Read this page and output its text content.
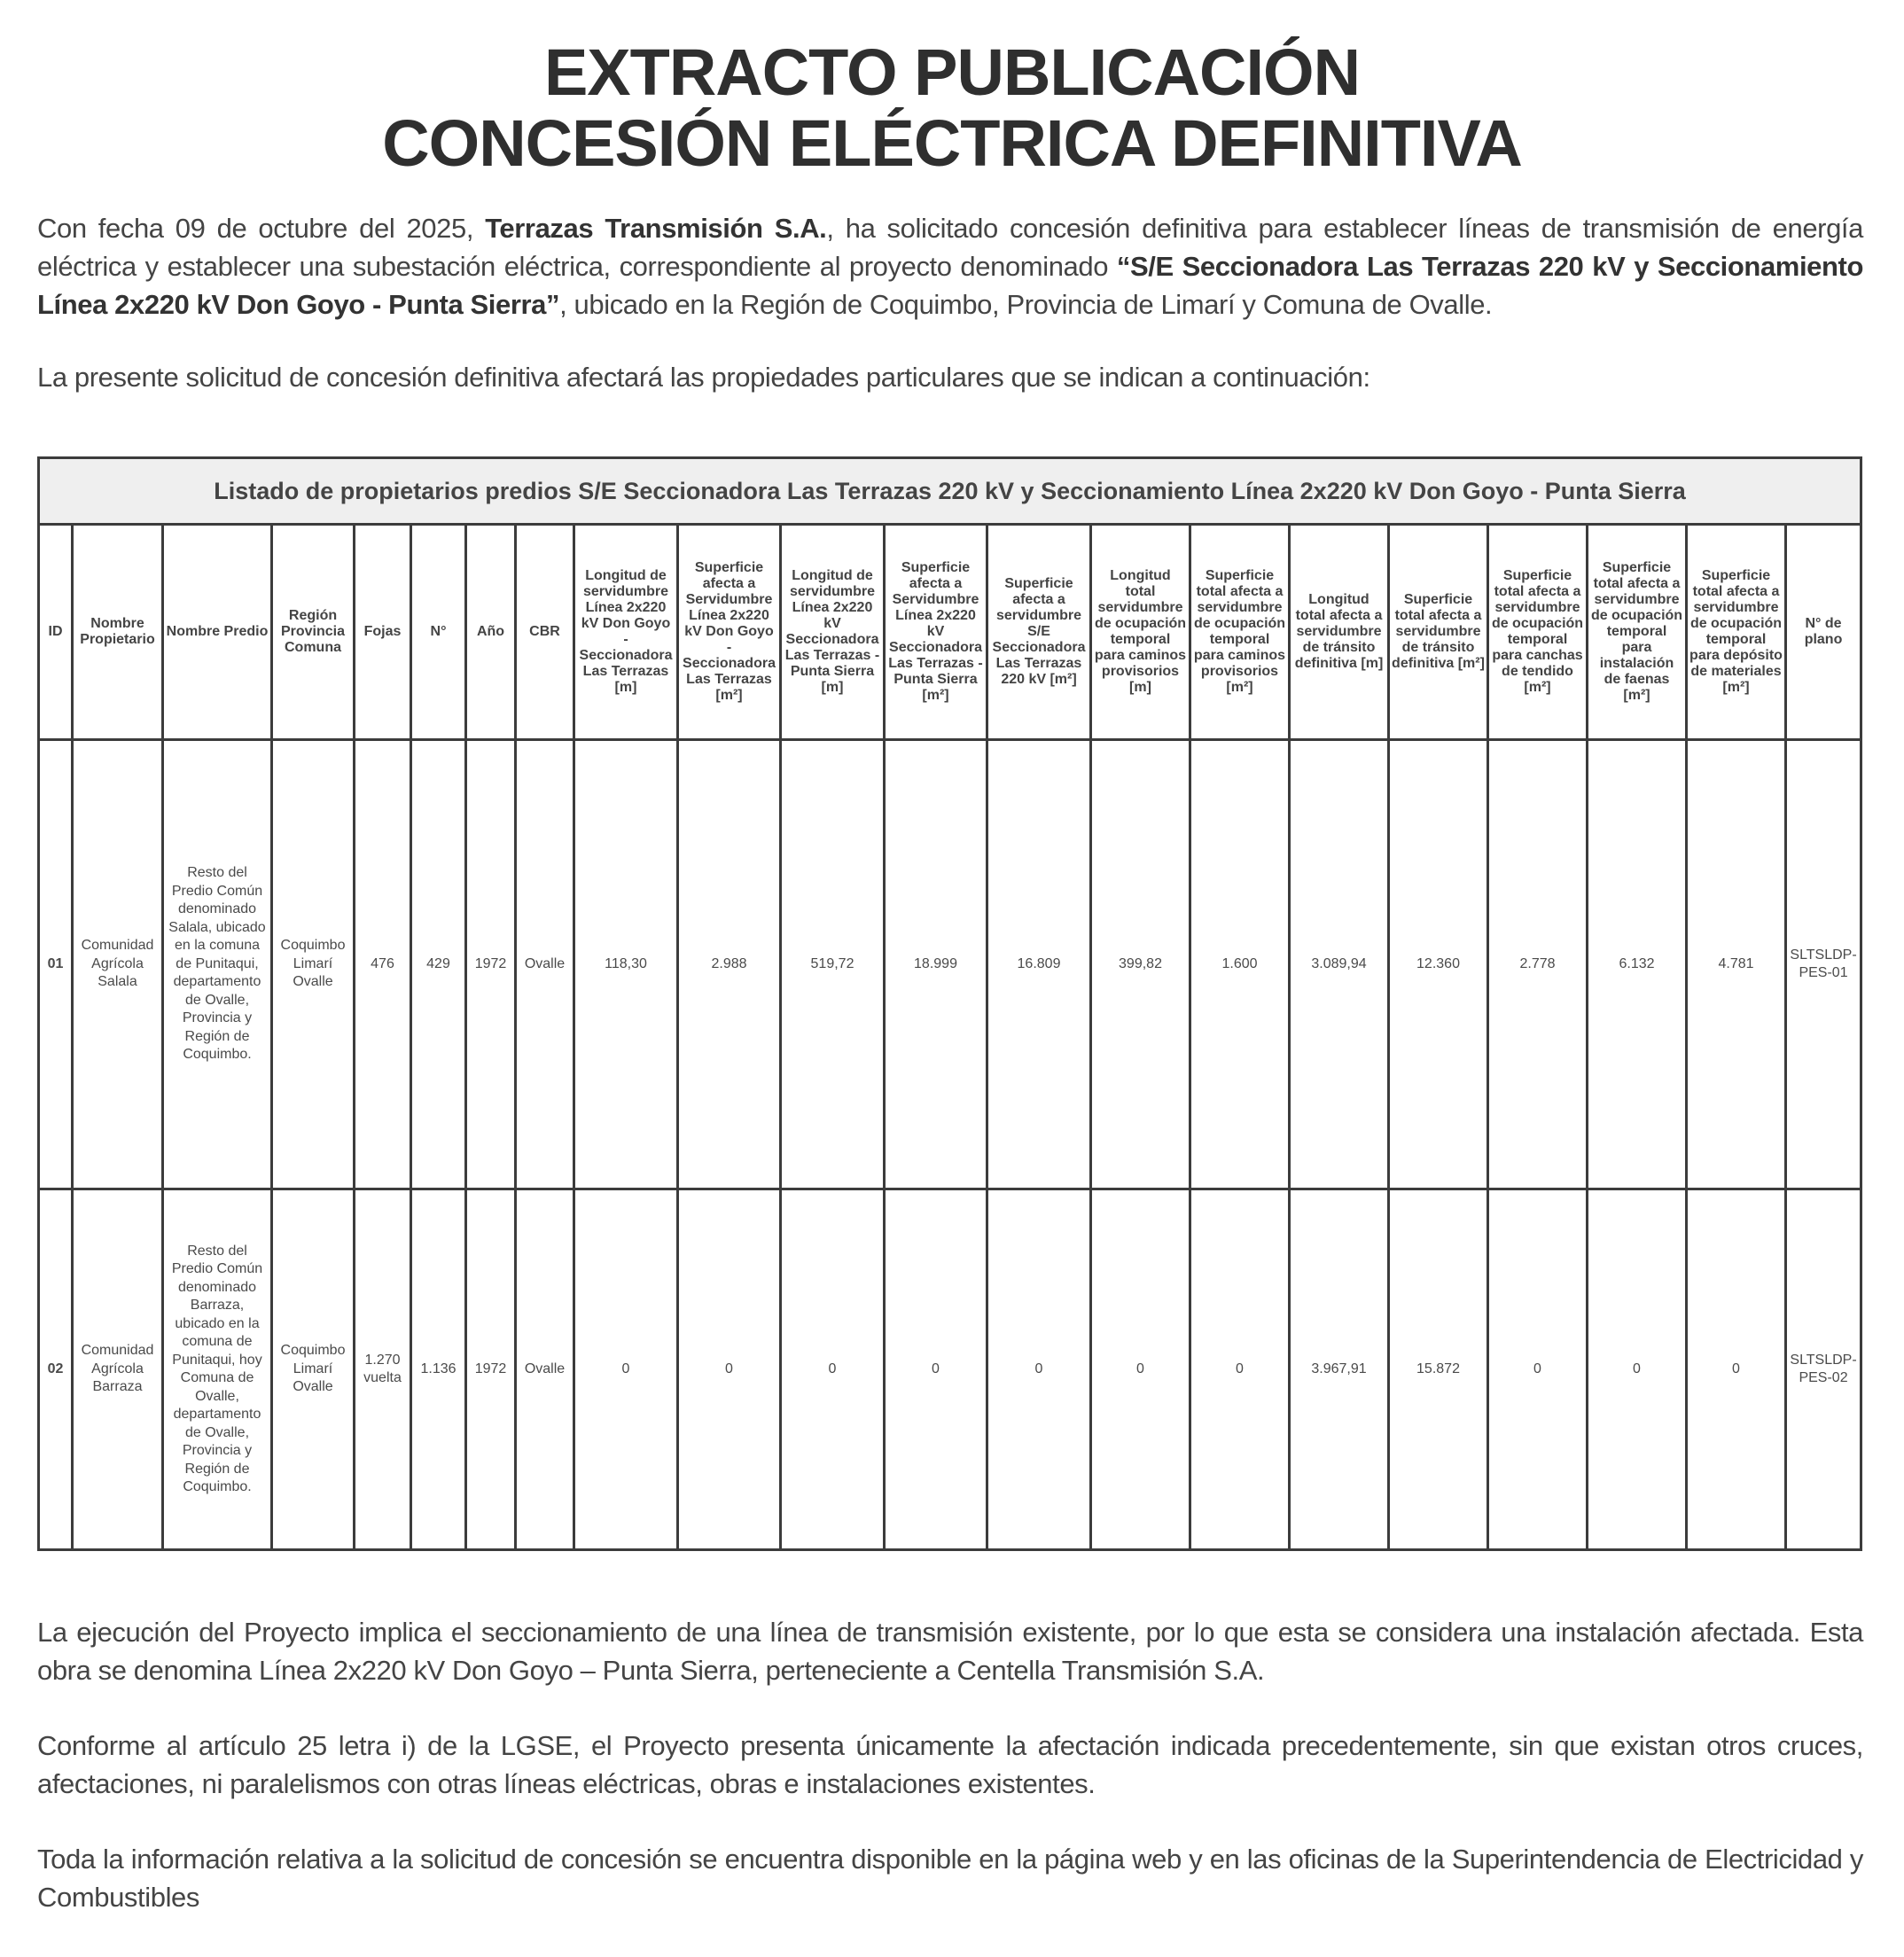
EXTRACTO PUBLICACIÓN
CONCESIÓN ELÉCTRICA DEFINITIVA
Con fecha 09 de octubre del 2025, Terrazas Transmisión S.A., ha solicitado concesión definitiva para establecer líneas de transmisión de energía eléctrica y establecer una subestación eléctrica, correspondiente al proyecto denominado “S/E Seccionadora Las Terrazas 220 kV y Seccionamiento Línea 2x220 kV Don Goyo - Punta Sierra”, ubicado en la Región de Coquimbo, Provincia de Limarí y Comuna de Ovalle.
La presente solicitud de concesión definitiva afectará las propiedades particulares que se indican a continuación:
Listado de propietarios predios S/E Seccionadora Las Terrazas 220 kV y Seccionamiento Línea 2x220 kV Don Goyo - Punta Sierra																				
ID	Nombre Propietario	Nombre Predio	Región Provincia Comuna	Fojas	N°	Año	CBR	Longitud de servidumbre Línea 2x220 kV Don Goyo - Seccionadora Las Terrazas [m]	Superficie afecta a Servidumbre Línea 2x220 kV Don Goyo - Seccionadora Las Terrazas [m²]	Longitud de servidumbre Línea 2x220 kV Seccionadora Las Terrazas - Punta Sierra [m]	Superficie afecta a Servidumbre Línea 2x220 kV Seccionadora Las Terrazas - Punta Sierra [m²]	Superficie afecta a servidumbre S/E Seccionadora Las Terrazas 220 kV [m²]	Longitud total servidumbre de ocupación temporal para caminos provisorios [m]	Superficie total afecta a servidumbre de ocupación temporal para caminos provisorios [m²]	Longitud total afecta a servidumbre de tránsito definitiva [m]	Superficie total afecta a servidumbre de tránsito definitiva [m²]	Superficie total afecta a servidumbre de ocupación temporal para canchas de tendido [m²]	Superficie total afecta a servidumbre de ocupación temporal para instalación de faenas [m²]	Superficie total afecta a servidumbre de ocupación temporal para depósito de materiales [m²]	N° de plano
01	Comunidad Agrícola Salala	Resto del Predio Común denominado Salala, ubicado en la comuna de Punitaqui, departamento de Ovalle, Provincia y Región de Coquimbo.	Coquimbo Limarí Ovalle	476	429	1972	Ovalle	118,30	2.988	519,72	18.999	16.809	399,82	1.600	3.089,94	12.360	2.778	6.132	4.781	SLTSLDP-PES-01
02	Comunidad Agrícola Barraza	Resto del Predio Común denominado Barraza, ubicado en la comuna de Punitaqui, hoy Comuna de Ovalle, departamento de Ovalle, Provincia y Región de Coquimbo.	Coquimbo Limarí Ovalle	1.270 vuelta	1.136	1972	Ovalle	0	0	0	0	0	0	0	3.967,91	15.872	0	0	0	SLTSLDP-PES-02
La ejecución del Proyecto implica el seccionamiento de una línea de transmisión existente, por lo que esta se considera una instalación afectada. Esta obra se denomina Línea 2x220 kV Don Goyo – Punta Sierra, perteneciente a Centella Transmisión S.A.
Conforme al artículo 25 letra i) de la LGSE, el Proyecto presenta únicamente la afectación indicada precedentemente, sin que existan otros cruces, afectaciones, ni paralelismos con otras líneas eléctricas, obras e instalaciones existentes.
Toda la información relativa a la solicitud de concesión se encuentra disponible en la página web y en las oficinas de la Superintendencia de Electricidad y Combustibles
